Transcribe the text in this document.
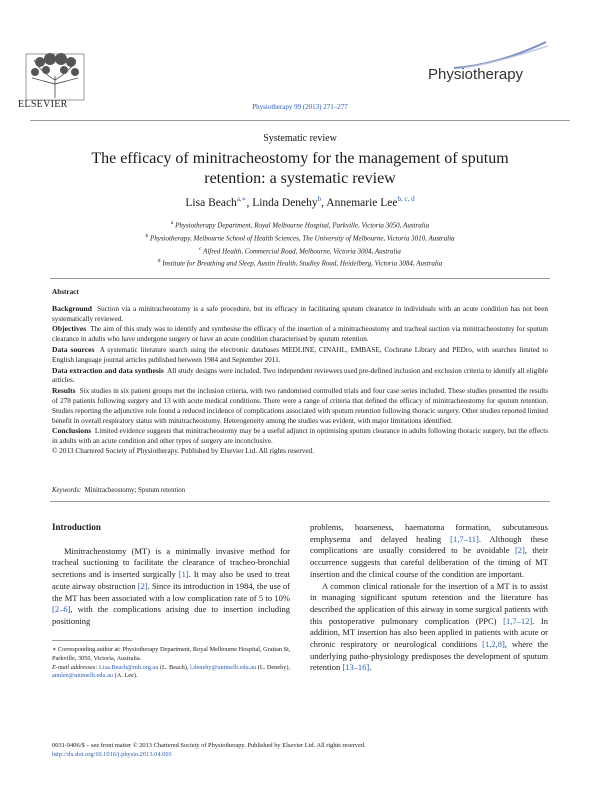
ELSEVIER	Physiotherapy 99 (2013) 271–277
Physiotherapy
Systematic review
The efficacy of minitracheostomy for the management of sputum retention: a systematic review
Lisa Beach$^{a,∗}$, Linda Denehy$^b$, Annemarie Lee$^{b, c, d}$
$^a$ Physiotherapy Department, Royal Melbourne Hospital, Parkville, Victoria 3050, Australia
$^b$ Physiotherapy, Melbourne School of Health Sciences, The University of Melbourne, Victoria 3010, Australia
$^c$ Alfred Health, Commercial Road, Melbourne, Victoria 3004, Australia
$^d$ Institute for Breathing and Sleep, Austin Health, Studley Road, Heidelberg, Victoria 3084, Australia

Abstract

Background Suction via a minitracheostomy is a safe procedure, but its efficacy in facilitating sputum clearance in individuals with an acute condition has not been systematically reviewed.

Objectives The aim of this study was to identify and synthesise the efficacy of the insertion of a minitracheostomy and tracheal suction via minitracheostomy for sputum clearance in adults who have undergone surgery or have an acute condition characterised by sputum retention.

Data sources A systematic literature search using the electronic databases MEDLINE, CINAHL, EMBASE, Cochrane Library and PEDro, with searches limited to English language journal articles published between 1984 and September 2011.

Data extraction and data synthesis All study designs were included. Two independent reviewers used pre-defined inclusion and exclusion criteria to identify all eligible articles.

Results Six studies in six patient groups met the inclusion criteria, with two randomised controlled trials and four case series included. These studies presented the results of 278 patients following surgery and 13 with acute medical conditions. There were a range of criteria that defined the efficacy of minitracheostomy for sputum retention. Studies reporting the adjunctive role found a reduced incidence of complications associated with sputum retention following thoracic surgery. Other studies reported limited benefit in overall respiratory status with minitracheostomy. Heterogeneity among the studies was evident, with major limitations identified.

Conclusions Limited evidence suggests that minitracheostomy may be a useful adjunct in optimising sputum clearance in adults following thoracic surgery, but the effects in adults with an acute condition and other types of surgery are inconclusive.

© 2013 Chartered Society of Physiotherapy. Published by Elsevier Ltd. All rights reserved.

Keywords: Minitracheostomy; Sputum retention
Introduction

Minitracheostomy (MT) is a minimally invasive method for tracheal suctioning to facilitate the clearance of tracheo-bronchial secretions and is inserted surgically [1]. It may also be used to treat acute airway obstruction [2]. Since its introduction in 1984, the use of the MT has been associated with a low complication rate of 5 to 10% [2–6], with the complications arising due to insertion including positioning

problems, hoarseness, haematoma formation, subcutaneous emphysema and delayed healing [1,7–11]. Although these complications are usually considered to be avoidable [2], their occurrence suggests that careful deliberation of the timing of MT insertion and the clinical course of the condition are important.

A common clinical rationale for the insertion of a MT is to assist in managing significant sputum retention and the literature has described the application of this airway in some surgical patients with this postoperative pulmonary complication (PPC) [1,7–12]. In addition, MT insertion has also been applied in patients with acute or chronic respiratory or neurological conditions [1,2,8], where the underlying patho-physiology predisposes the development of sputum retention [13–16].

∗ Corresponding author at: Physiotherapy Department, Royal Melbourne Hospital, Grattan St, Parkville, 3050, Victoria, Australia.

E-mail addresses: Lisa.Beach@mh.org.au (L. Beach), l.denehy@unimelb.edu.au (L. Denehy), annlee@unimelb.edu.au (A. Lee).

0031-9406/$ – see front matter © 2013 Chartered Society of Physiotherapy. Published by Elsevier Ltd. All rights reserved.

http://dx.doi.org/10.1016/j.physio.2013.04.003
